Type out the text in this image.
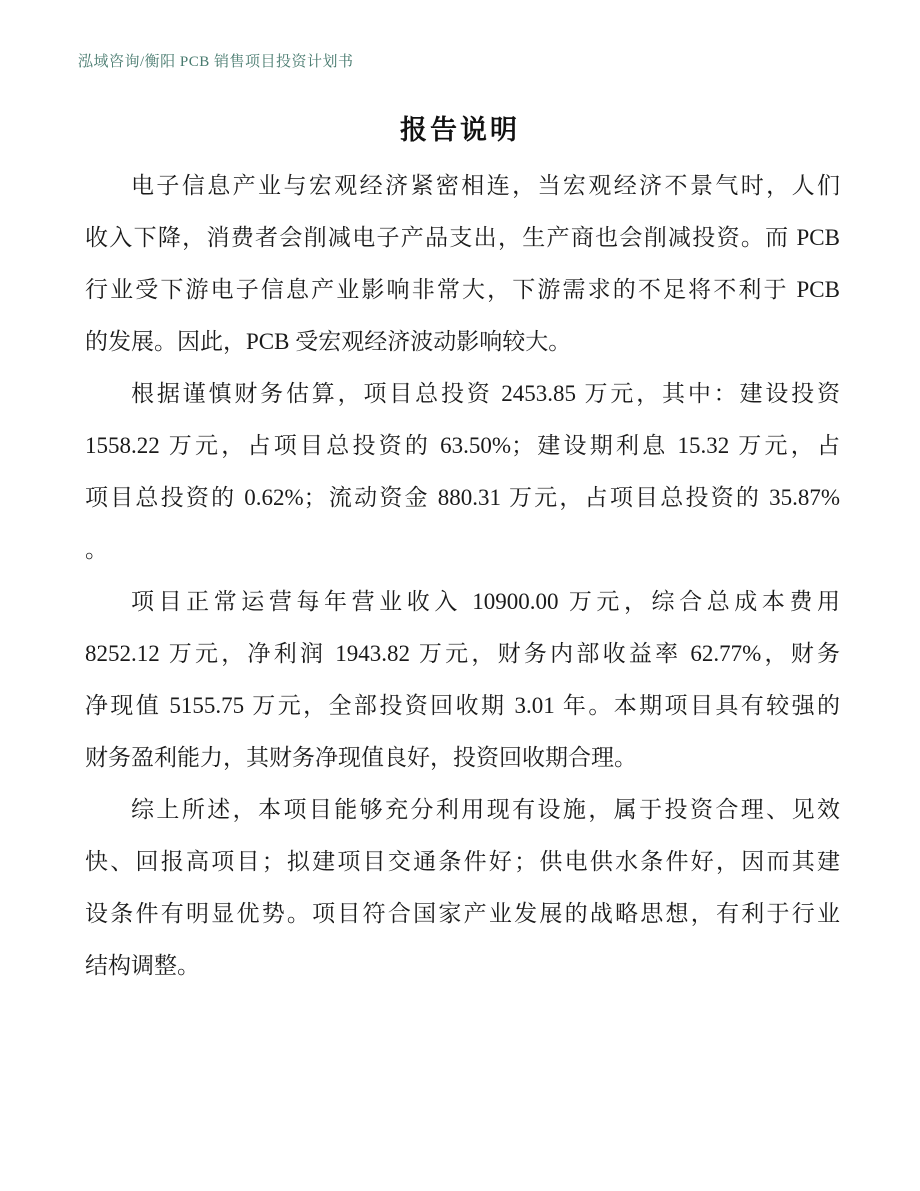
泓域咨询/衡阳 PCB 销售项目投资计划书
报告说明
电子信息产业与宏观经济紧密相连，当宏观经济不景气时，人们
收入下降，消费者会削减电子产品支出，生产商也会削减投资。而 PCB
行业受下游电子信息产业影响非常大，下游需求的不足将不利于 PCB
的发展。因此，PCB 受宏观经济波动影响较大。
根据谨慎财务估算，项目总投资 2453.85 万元，其中：建设投资
1558.22 万元，占项目总投资的 63.50%；建设期利息 15.32 万元，占
项目总投资的 0.62%；流动资金 880.31 万元，占项目总投资的 35.87%
。
项目正常运营每年营业收入 10900.00 万元，综合总成本费用
8252.12 万元，净利润 1943.82 万元，财务内部收益率 62.77%，财务
净现值 5155.75 万元，全部投资回收期 3.01 年。本期项目具有较强的
财务盈利能力，其财务净现值良好，投资回收期合理。
综上所述，本项目能够充分利用现有设施，属于投资合理、见效
快、回报高项目；拟建项目交通条件好；供电供水条件好，因而其建
设条件有明显优势。项目符合国家产业发展的战略思想，有利于行业
结构调整。
